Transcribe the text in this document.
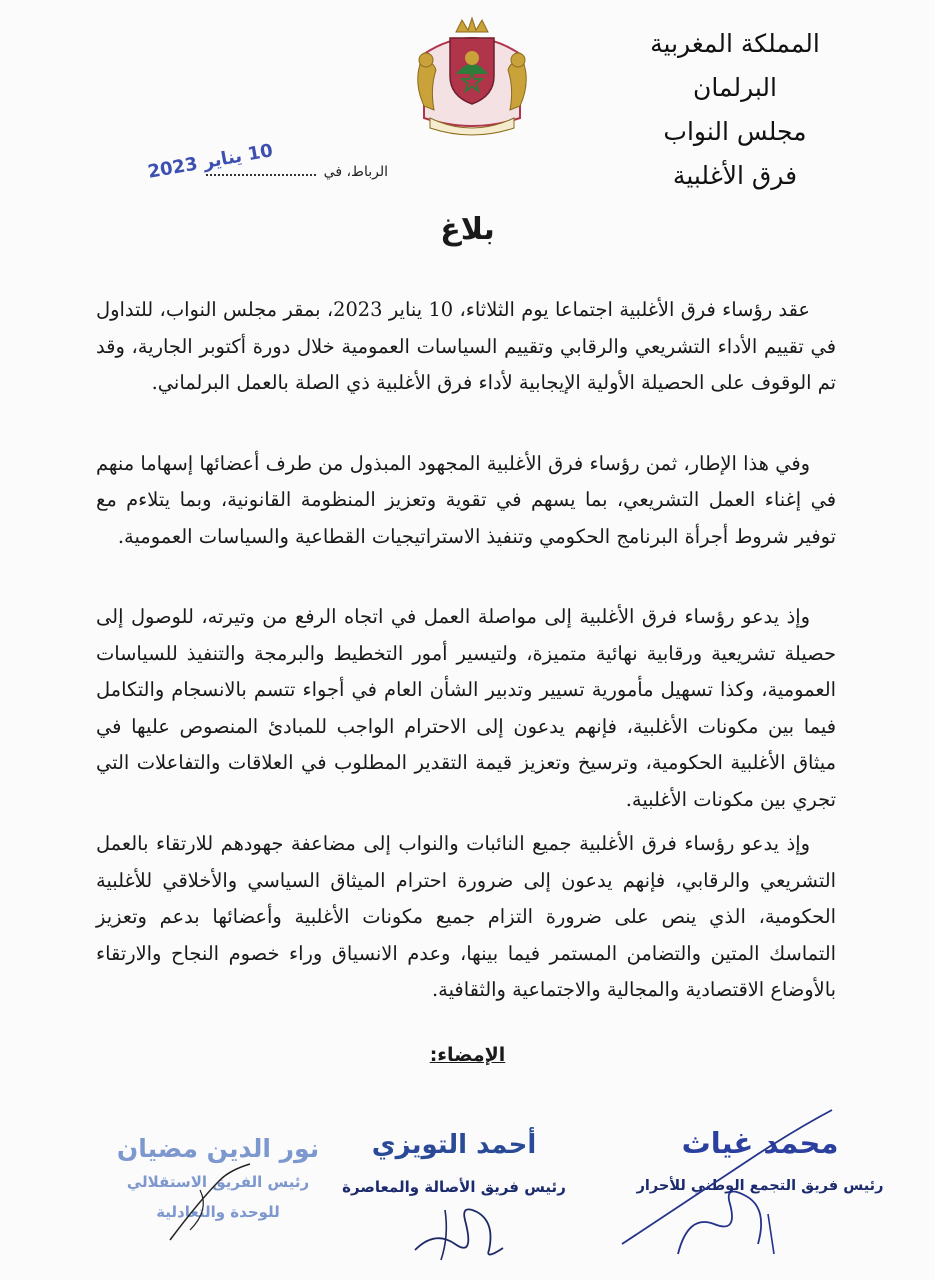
المملكة المغربية
البرلمان
مجلس النواب
فرق الأغلبية
الرباط، في
10 يناير 2023
بلاغ

عقد رؤساء فرق الأغلبية اجتماعا يوم الثلاثاء، 10 يناير 2023، بمقر مجلس النواب، للتداول في تقييم الأداء التشريعي والرقابي وتقييم السياسات العمومية خلال دورة أكتوبر الجارية، وقد تم الوقوف على الحصيلة الأولية الإيجابية لأداء فرق الأغلبية ذي الصلة بالعمل البرلماني.

وفي هذا الإطار، ثمن رؤساء فرق الأغلبية المجهود المبذول من طرف أعضائها إسهاما منهم في إغناء العمل التشريعي، بما يسهم في تقوية وتعزيز المنظومة القانونية، وبما يتلاءم مع توفير شروط أجرأة البرنامج الحكومي وتنفيذ الاستراتيجيات القطاعية والسياسات العمومية.

وإذ يدعو رؤساء فرق الأغلبية إلى مواصلة العمل في اتجاه الرفع من وتيرته، للوصول إلى حصيلة تشريعية ورقابية نهائية متميزة، ولتيسير أمور التخطيط والبرمجة والتنفيذ للسياسات العمومية، وكذا تسهيل مأمورية تسيير وتدبير الشأن العام في أجواء تتسم بالانسجام والتكامل فيما بين مكونات الأغلبية، فإنهم يدعون إلى الاحترام الواجب للمبادئ المنصوص عليها في ميثاق الأغلبية الحكومية، وترسيخ وتعزيز قيمة التقدير المطلوب في العلاقات والتفاعلات التي تجري بين مكونات الأغلبية.

وإذ يدعو رؤساء فرق الأغلبية جميع النائبات والنواب إلى مضاعفة جهودهم للارتقاء بالعمل التشريعي والرقابي، فإنهم يدعون إلى ضرورة احترام الميثاق السياسي والأخلاقي للأغلبية الحكومية، الذي ينص على ضرورة التزام جميع مكونات الأغلبية وأعضائها بدعم وتعزيز التماسك المتين والتضامن المستمر فيما بينها، وعدم الانسياق وراء خصوم النجاح والارتقاء بالأوضاع الاقتصادية والمجالية والاجتماعية والثقافية.

الإمضاء:
نور الدين مضيان
رئيس الفريق الاستقلالي
للوحدة والتعادلية
أحمد التويزي
رئيس فريق الأصالة والمعاصرة
محمد غياث
رئيس فريق التجمع الوطني للأحرار
